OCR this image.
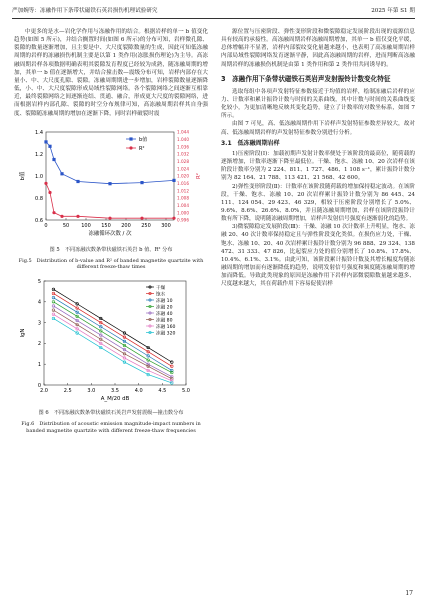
严加婉等：冻融作用下条带状磁铁石英岩损伤机理试验研究	2025 年第 S1 期

中更多的是水—岩化学作用与冻融作用的结合。根据岩样的单一 b 值变化趋势(如图 5 所示)，并结合搁置时间(如图 6 所示)的分布可知，岩样微孔隙、裂隙的数量逐渐增加，且主要是中、大尺度裂隙数量的生成，因此可知低冻融周期的岩样的冻融损伤机制主要是以第 1 类作用(冻胀损伤理论)为主导。高冻融周期岩样各项数据明确表明其裂隙发育程度已经较为成熟，随冻融周期的增加，其单一 b 值在逐渐增大，并结合撞击数—震级分布可知，岩样内部存在大量小、中、大尺度孔隙、裂隙。冻融周期期进一步增加，岩样裂隙数量逐渐降低，小、中、大尺度裂隙形成局域性裂隙网络。各个裂隙网络之间逐渐互相靠近，最终裂隙网络之间逐渐连结、贯通、融合，形成更大尺度的裂隙网络，进而根据岩样内部孔隙、裂隙的时空分布规律可知，高冻融周期岩样其自身强度、裂隙随冻融周期的增加在逐渐下降，同时岩样破裂时震

0	50 100 150 200 250 300
0.6
0.8
1.0
1.2
1.4
0.996
1.000
1.004
1.008
1.012
1.016
1.020
1.024
1.028
1.032
1.036
1.040
1.044
冻融循环次数 / 次
b值	R²
b值
R²
图 5　不同冻融次数条带状磁铁石英岩 b 值、R² 分布
Fig.5　Distribution of b-value and R² of banded magnetite quartzite with different freeze-thaw times
2.0	2.5	3.0	3.5	4.0	4.5	5.0
0
1
2
3
4
5
A_M/20 dB
lgN
干燥
饱水
冻融 10
冻融 20
冻融 40
冻融 80
冻融 160
冻融 320
图 6　不同冻融次数条带状磁铁石英岩声发射震级—撞击数分布
Fig.6　Distribution of acoustic emission magnitude-impact numbers in banded magnetite quartzite with different freeze-thaw frequencies

源位置与压密阶段、弹性变形阶段和微裂隙稳定发展阶段出现的震源信息具有较高的承接性。高冻融周期岩样冻融周期增加，其单一 b 值仅变化平缓，总体增幅并不显著，岩样内部裂纹变化量越来越小，也表明了高冻融周期岩样内部局域性裂隙网络发育逐渐平静，因此高冻融周期的岩样，进而判断高冻融周期岩样的冻融损伤机制是由第 1 类作用和第 2 类作用共同诱导的。

3　冻融作用下条带状磁铁石英岩声发射振铃计数变化特征

选取每组中各项声发射特征参数接近于均值的岩样，绘制冻融后岩样的应力、计数率和累计振铃计数与时间的关系曲线，其中计数与时间的关系曲线变化较小，为更加清晰地反映其变化趋势，建立了计数率的对数坐标系，如图 7 所示。

由图 7 可见，高、低冻融周期作用下岩样声发射特征参数差异较大，故对高、低冻融周期岩样的声发射特征参数分别进行分析。

3.1　低冻融周期岩样

1)压密阶段(Ⅰ)：加载初期声发射计数率便处于该阶段的最高位，随荷载的逐渐增加，计数率逐渐下降至最低位。干燥、饱水、冻融 10、20 次岩样在该阶段计数率分别为 2 224、811、1 727、486、1 108 s⁻¹，累计振铃计数分别为 82 164、21 788、113 421、21 568、42 600。

2)弹性变形阶段(Ⅱ)：计数率在该阶段随荷载的增加保持稳定波动。在该阶段，干燥、饱水、冻融 10、20 次岩样累计振铃计数分别为 86 445、24 111、124 054、29 423、46 329，相较于压密阶段分别增长了 5.0%、9.6%、8.6%、26.6%、8.0%，并且随冻融周期增加，岩样在该阶段振铃计数有所下降，说明随冻融周期增加，岩样声发射信号强度有逐渐弱化的趋势。

3)微裂隙稳定发展阶段(Ⅲ)：干燥、冻融 10 次计数率上升明显，饱水、冻融 20、40 次计数率保持稳定且与弹性阶段变化类似。在损伤应力处，干燥、饱水、冻融 10、20、40 次岩样累计振铃计数分别为 96 888、29 324、138 472、31 333、47 826，比起裂应力处的值分别增长了 10.8%、17.8%、10.4%、6.1%、3.1%。由此可知，该阶段累计振铃计数及其增长幅度均随冻融周期的增加而有逐渐降低的趋势，说明发射信号强度和频度随冻融周期的增加而降低。导致此类现象的原因是冻融作用下岩样内部微裂隙数量越来越多、尺度越来越大，其在荷载作用下容易促使岩样

17
